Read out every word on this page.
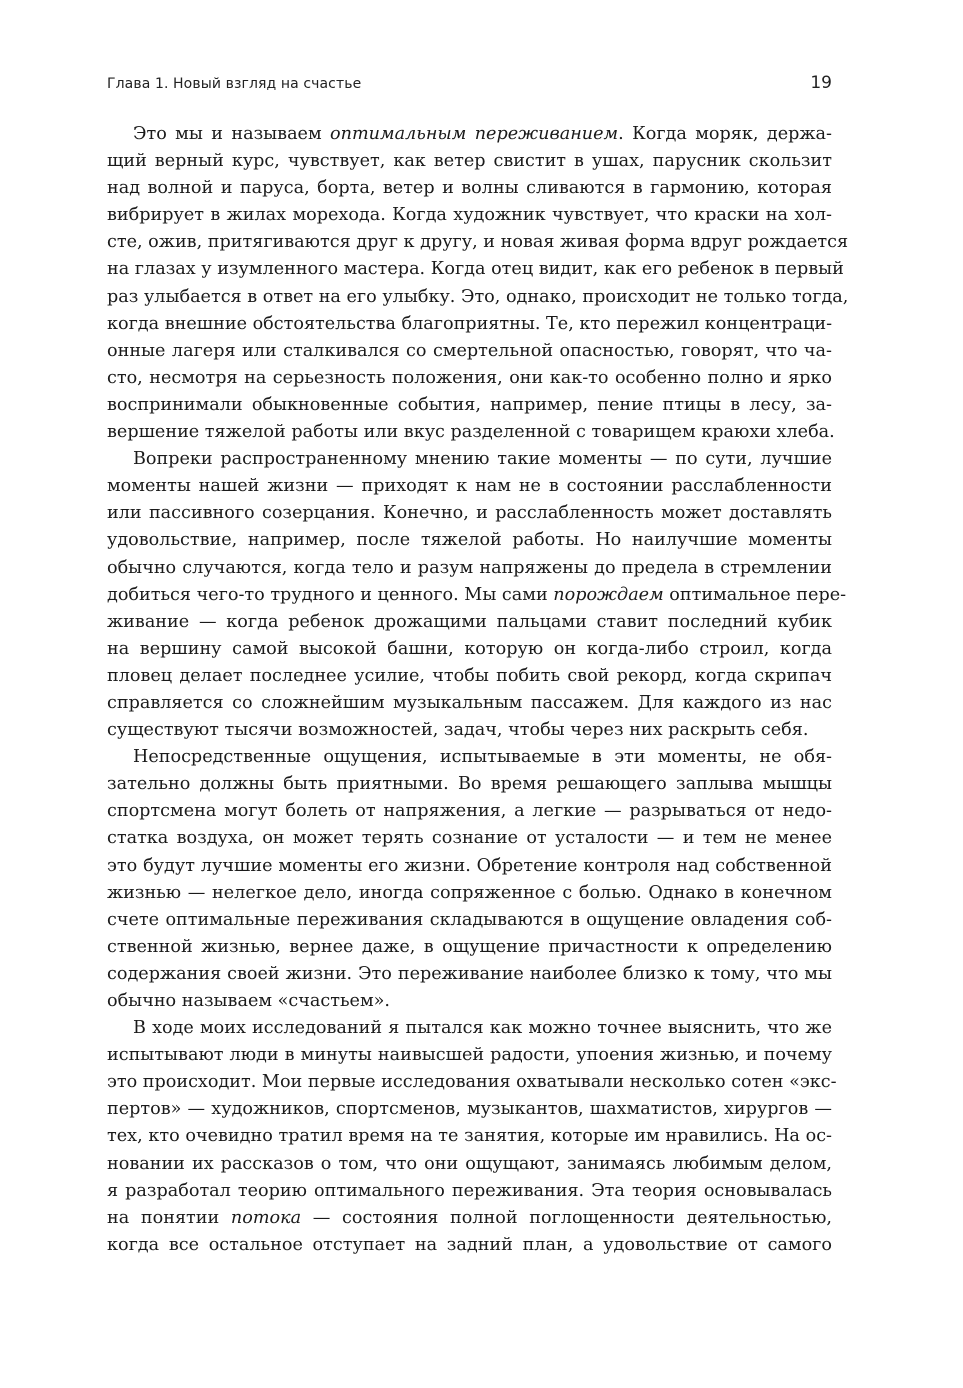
Глава 1. Новый взгляд на счастье	19
Это мы и называем оптимальным переживанием. Когда моряк, держа-
щий верный курс, чувствует, как ветер свистит в ушах, парусник скользит
над волной и паруса, борта, ветер и волны сливаются в гармонию, которая
вибрирует в жилах морехода. Когда художник чувствует, что краски на хол-
сте, ожив, притягиваются друг к другу, и новая живая форма вдруг рождается
на глазах у изумленного мастера. Когда отец видит, как его ребенок в первый
раз улыбается в ответ на его улыбку. Это, однако, происходит не только тогда,
когда внешние обстоятельства благоприятны. Те, кто пережил концентраци-
онные лагеря или сталкивался со смертельной опасностью, говорят, что ча-
сто, несмотря на серьезность положения, они как-то особенно полно и ярко
воспринимали обыкновенные события, например, пение птицы в лесу, за-
вершение тяжелой работы или вкус разделенной с товарищем краюхи хлеба.
Вопреки распространенному мнению такие моменты — по сути, лучшие
моменты нашей жизни — приходят к нам не в состоянии расслабленности
или пассивного созерцания. Конечно, и расслабленность может доставлять
удовольствие, например, после тяжелой работы. Но наилучшие моменты
обычно случаются, когда тело и разум напряжены до предела в стремлении
добиться чего-то трудного и ценного. Мы сами порождаем оптимальное пере-
живание — когда ребенок дрожащими пальцами ставит последний кубик
на вершину самой высокой башни, которую он когда-либо строил, когда
пловец делает последнее усилие, чтобы побить свой рекорд, когда скрипач
справляется со сложнейшим музыкальным пассажем. Для каждого из нас
существуют тысячи возможностей, задач, чтобы через них раскрыть себя.
Непосредственные ощущения, испытываемые в эти моменты, не обя-
зательно должны быть приятными. Во время решающего заплыва мышцы
спортсмена могут болеть от напряжения, а легкие — разрываться от недо-
статка воздуха, он может терять сознание от усталости — и тем не менее
это будут лучшие моменты его жизни. Обретение контроля над собственной
жизнью — нелегкое дело, иногда сопряженное с болью. Однако в конечном
счете оптимальные переживания складываются в ощущение овладения соб-
ственной жизнью, вернее даже, в ощущение причастности к определению
содержания своей жизни. Это переживание наиболее близко к тому, что мы
обычно называем «счастьем».
В ходе моих исследований я пытался как можно точнее выяснить, что же
испытывают люди в минуты наивысшей радости, упоения жизнью, и почему
это происходит. Мои первые исследования охватывали несколько сотен «экс-
пертов» — художников, спортсменов, музыкантов, шахматистов, хирургов —
тех, кто очевидно тратил время на те занятия, которые им нравились. На ос-
новании их рассказов о том, что они ощущают, занимаясь любимым делом,
я разработал теорию оптимального переживания. Эта теория основывалась
на понятии потока — состояния полной поглощенности деятельностью,
когда все остальное отступает на задний план, а удовольствие от самого
